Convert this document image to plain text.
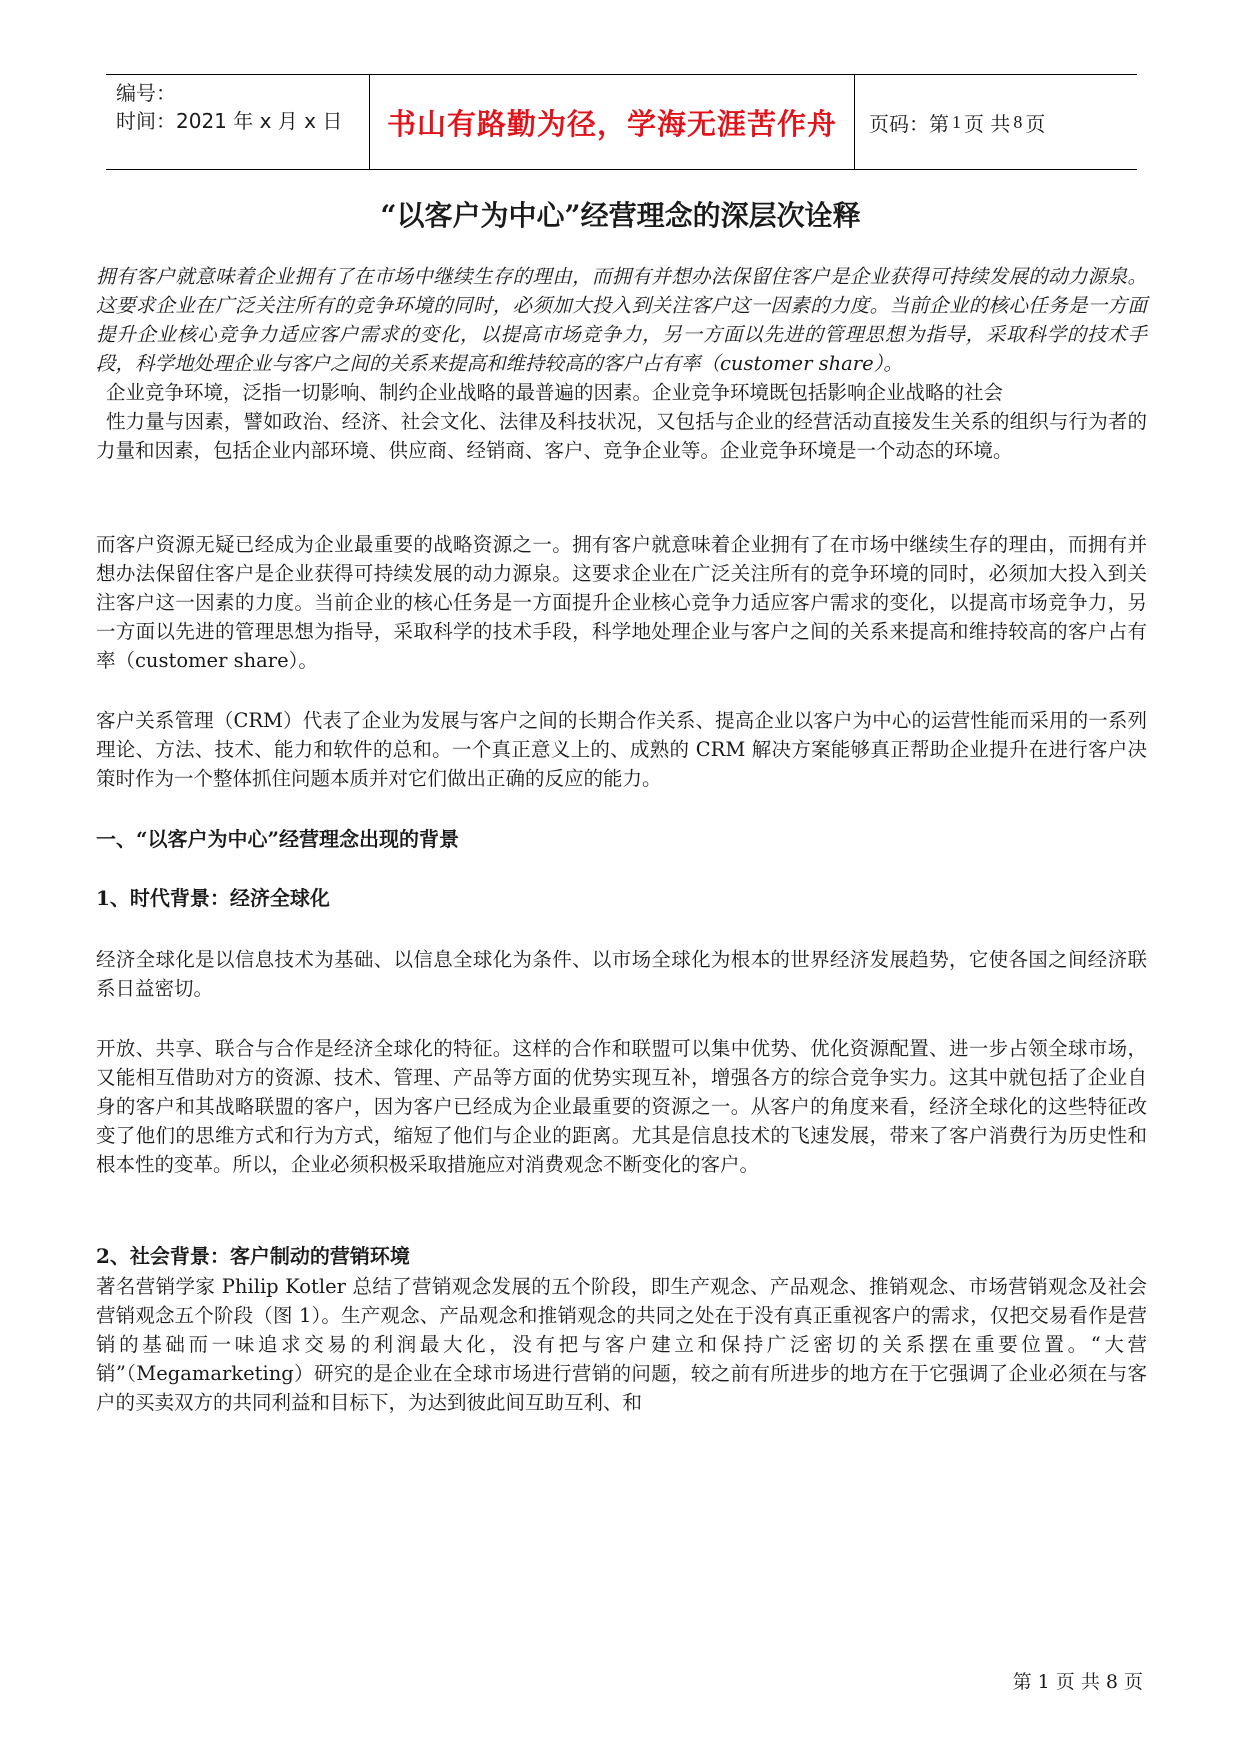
编号：
时间：2021 年 x 月 x 日	书山有路勤为径，学海无涯苦作舟 页码：第 1 页 共 8 页
“以客户为中心”经营理念的深层次诠释
拥有客户就意味着企业拥有了在市场中继续生存的理由，而拥有并想办法保留住客户是企业获得可持续发展的动力源泉。这要求企业在广泛关注所有的竞争环境的同时，必须加大投入到关注客户这一因素的力度。当前企业的核心任务是一方面提升企业核心竞争力适应客户需求的变化，以提高市场竞争力，另一方面以先进的管理思想为指导，采取科学的技术手段，科学地处理企业与客户之间的关系来提高和维持较高的客户占有率（customer share）。
企业竞争环境，泛指一切影响、制约企业战略的最普遍的因素。企业竞争环境既包括影响企业战略的社会
性力量与因素，譬如政治、经济、社会文化、法律及科技状况，又包括与企业的经营活动直接发生关系的组织与行为者的力量和因素，包括企业内部环境、供应商、经销商、客户、竞争企业等。企业竞争环境是一个动态的环境。
而客户资源无疑已经成为企业最重要的战略资源之一。拥有客户就意味着企业拥有了在市场中继续生存的理由，而拥有并想办法保留住客户是企业获得可持续发展的动力源泉。这要求企业在广泛关注所有的竞争环境的同时，必须加大投入到关注客户这一因素的力度。当前企业的核心任务是一方面提升企业核心竞争力适应客户需求的变化，以提高市场竞争力，另一方面以先进的管理思想为指导，采取科学的技术手段，科学地处理企业与客户之间的关系来提高和维持较高的客户占有率（customer share）。
客户关系管理（CRM）代表了企业为发展与客户之间的长期合作关系、提高企业以客户为中心的运营性能而采用的一系列理论、方法、技术、能力和软件的总和。一个真正意义上的、成熟的 CRM 解决方案能够真正帮助企业提升在进行客户决策时作为一个整体抓住问题本质并对它们做出正确的反应的能力。
一、“以客户为中心”经营理念出现的背景
1、时代背景：经济全球化
经济全球化是以信息技术为基础、以信息全球化为条件、以市场全球化为根本的世界经济发展趋势，它使各国之间经济联系日益密切。
开放、共享、联合与合作是经济全球化的特征。这样的合作和联盟可以集中优势、优化资源配置、进一步占领全球市场，又能相互借助对方的资源、技术、管理、产品等方面的优势实现互补，增强各方的综合竞争实力。这其中就包括了企业自身的客户和其战略联盟的客户，因为客户已经成为企业最重要的资源之一。从客户的角度来看，经济全球化的这些特征改变了他们的思维方式和行为方式，缩短了他们与企业的距离。尤其是信息技术的飞速发展，带来了客户消费行为历史性和根本性的变革。所以，企业必须积极采取措施应对消费观念不断变化的客户。
2、社会背景：客户制动的营销环境
著名营销学家 Philip Kotler 总结了营销观念发展的五个阶段，即生产观念、产品观念、推销观念、市场营销观念及社会营销观念五个阶段（图 1）。生产观念、产品观念和推销观念的共同之处在于没有真正重视客户的需求，仅把交易看作是营销的基础而一味追求交易的利润最大化，没有把与客户建立和保持广泛密切的关系摆在重要位置。“大营销”（Megamarketing）研究的是企业在全球市场进行营销的问题，较之前有所进步的地方在于它强调了企业必须在与客户的买卖双方的共同利益和目标下，为达到彼此间互助互利、和
第 1 页 共 8 页
